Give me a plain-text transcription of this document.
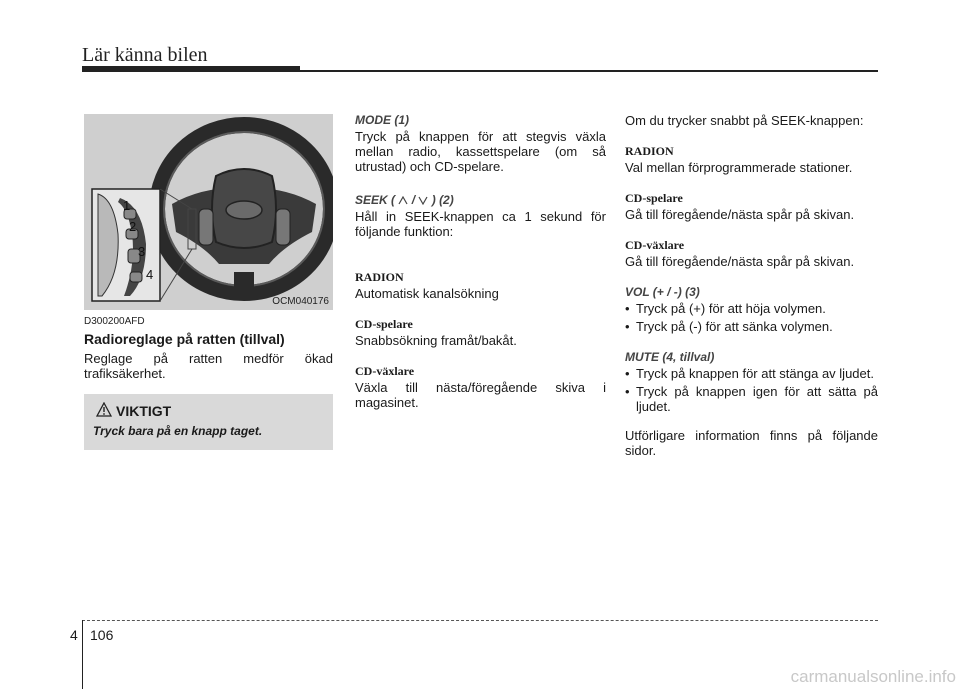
Lär känna bilen
1
2
3
4
OCM040176
D300200AFD
Radioreglage på ratten (tillval)
Reglage på ratten medför ökad trafiksäkerhet.
VIKTIGT
Tryck bara på en knapp taget.
MODE (1)
Tryck på knappen för att stegvis växla mellan radio, kassettspelare (om så utrustad) och CD-spelare.
SEEK ( / ) (2)
Håll in SEEK-knappen ca 1 sekund för följande funktion:
RADION
Automatisk kanalsökning
CD-spelare
Snabbsökning framåt/bakåt.
CD-växlare
Växla till nästa/föregående skiva i magasinet.
Om du trycker snabbt på SEEK-knappen:
RADION
Val mellan förprogrammerade stationer.
CD-spelare
Gå till föregående/nästa spår på skivan.
CD-växlare
Gå till föregående/nästa spår på skivan.
VOL (+ / -) (3)
• Tryck på (+) för att höja volymen.
• Tryck på (-) för att sänka volymen.
MUTE (4, tillval)
• Tryck på knappen för att stänga av ljudet.
• Tryck på knappen igen för att sätta på ljudet.
Utförligare information finns på följande sidor.
4 106
carmanualsonline.info
